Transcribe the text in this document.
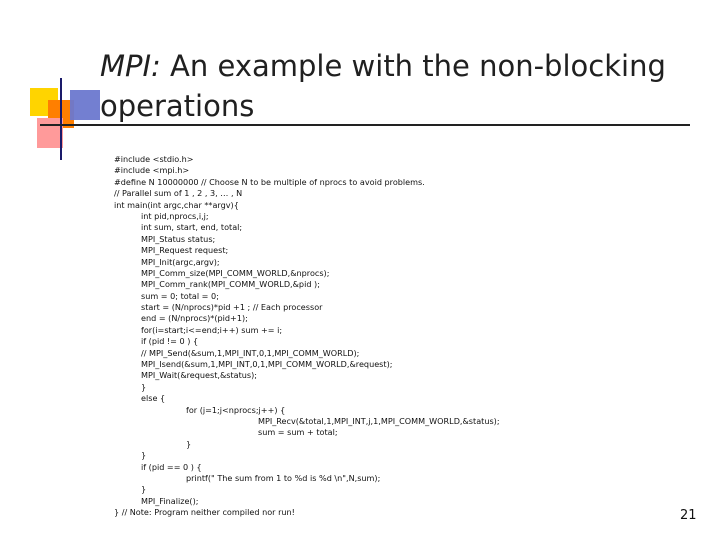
MPI: An example with the non-blocking operations
#include <stdio.h>
#include <mpi.h>
#define N 10000000 // Choose N to be multiple of nprocs to avoid problems.
// Parallel sum of 1 , 2 , 3, … , N
int main(int argc,char **argv){
int pid,nprocs,i,j;
int sum, start, end, total;
MPI_Status status;
MPI_Request request;
MPI_Init(argc,argv);
MPI_Comm_size(MPI_COMM_WORLD,&nprocs);
MPI_Comm_rank(MPI_COMM_WORLD,&pid );
sum = 0; total = 0;
start = (N/nprocs)*pid +1 ; // Each processor
end = (N/nprocs)*(pid+1);
for(i=start;i<=end;i++) sum += i;
if (pid != 0 ) {
// MPI_Send(&sum,1,MPI_INT,0,1,MPI_COMM_WORLD);
MPI_Isend(&sum,1,MPI_INT,0,1,MPI_COMM_WORLD,&request);
MPI_Wait(&request,&status);
}
else {
for (j=1;j<nprocs;j++) {
MPI_Recv(&total,1,MPI_INT,j,1,MPI_COMM_WORLD,&status);
sum = sum + total;
}
}
if (pid == 0 ) {
printf(" The sum from 1 to %d is %d \n",N,sum);
}
MPI_Finalize();
} // Note: Program neither compiled nor run!	21
